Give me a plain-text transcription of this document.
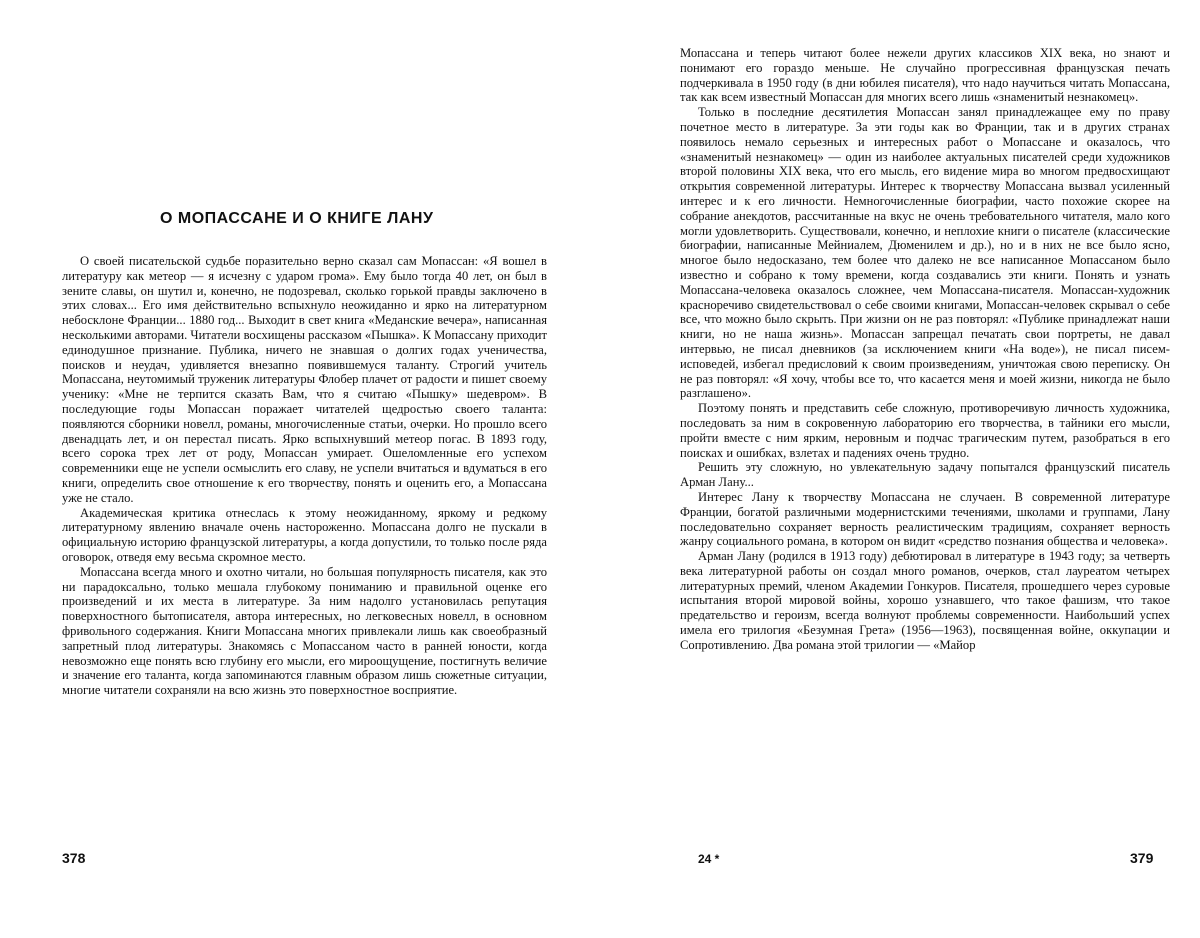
О МОПАССАНЕ И О КНИГЕ ЛАНУ

О своей писательской судьбе поразительно верно сказал сам Мопассан: «Я вошел в литературу как метеор — я исчезну с ударом грома». Ему было тогда 40 лет, он был в зените славы, он шутил и, конечно, не подозревал, сколько горькой правды заключено в этих словах... Его имя действительно вспыхнуло неожиданно и ярко на литературном небосклоне Франции... 1880 год... Выходит в свет книга «Меданские вечера», написанная несколькими авторами. Читатели восхищены рассказом «Пышка». К Мопассану приходит единодушное признание. Публика, ничего не знавшая о долгих годах ученичества, поисков и неудач, удивляется внезапно появившемуся таланту. Строгий учитель Мопассана, неутомимый труженик литературы Флобер плачет от радости и пишет своему ученику: «Мне не терпится сказать Вам, что я считаю «Пышку» шедевром». В последующие годы Мопассан поражает читателей щедростью своего таланта: появляются сборники новелл, романы, многочисленные статьи, очерки. Но прошло всего двенадцать лет, и он перестал писать. Ярко вспыхнувший метеор погас. В 1893 году, всего сорока трех лет от роду, Мопассан умирает. Ошеломленные его успехом современники еще не успели осмыслить его славу, не успели вчитаться и вдуматься в его книги, определить свое отношение к его творчеству, понять и оценить его, а Мопассана уже не стало.

Академическая критика отнеслась к этому неожиданному, яркому и редкому литературному явлению вначале очень настороженно. Мопассана долго не пускали в официальную историю французской литературы, а когда допустили, то только после ряда оговорок, отведя ему весьма скромное место.

Мопассана всегда много и охотно читали, но большая популярность писателя, как это ни парадоксально, только мешала глубокому пониманию и правильной оценке его произведений и их места в литературе. За ним надолго установилась репутация поверхностного бытописателя, автора интересных, но легковесных новелл, в основном фривольного содержания. Книги Мопассана многих привлекали лишь как своеобразный запретный плод литературы. Знакомясь с Мопассаном часто в ранней юности, когда невозможно еще понять всю глубину его мысли, его мироощущение, постигнуть величие и значение его таланта, когда запоминаются главным образом лишь сюжетные ситуации, многие читатели сохраняли на всю жизнь это поверхностное восприятие.

378

Мопассана и теперь читают более нежели других классиков XIX века, но знают и понимают его гораздо меньше. Не случайно прогрессивная французская печать подчеркивала в 1950 году (в дни юбилея писателя), что надо научиться читать Мопассана, так как всем известный Мопассан для многих всего лишь «знаменитый незнакомец».

Только в последние десятилетия Мопассан занял принадлежащее ему по праву почетное место в литературе. За эти годы как во Франции, так и в других странах появилось немало серьезных и интересных работ о Мопассане и оказалось, что «знаменитый незнакомец» — один из наиболее актуальных писателей среди художников второй половины XIX века, что его мысль, его видение мира во многом предвосхищают открытия современной литературы. Интерес к творчеству Мопассана вызвал усиленный интерес и к его личности. Немногочисленные биографии, часто похожие скорее на собрание анекдотов, рассчитанные на вкус не очень требовательного читателя, мало кого могли удовлетворить. Существовали, конечно, и неплохие книги о писателе (классические биографии, написанные Мейниалем, Дюменилем и др.), но и в них не все было ясно, многое было недосказано, тем более что далеко не все написанное Мопассаном было известно и собрано к тому времени, когда создавались эти книги. Понять и узнать Мопассана-человека оказалось сложнее, чем Мопассана-писателя. Мопассан-художник красноречиво свидетельствовал о себе своими книгами, Мопассан-человек скрывал о себе все, что можно было скрыть. При жизни он не раз повторял: «Публике принадлежат наши книги, но не наша жизнь». Мопассан запрещал печатать свои портреты, не давал интервью, не писал дневников (за исключением книги «На воде»), не писал писем-исповедей, избегал предисловий к своим произведениям, уничтожая свою переписку. Он не раз повторял: «Я хочу, чтобы все то, что касается меня и моей жизни, никогда не было разглашено».

Поэтому понять и представить себе сложную, противоречивую личность художника, последовать за ним в сокровенную лабораторию его творчества, в тайники его мысли, пройти вместе с ним ярким, неровным и подчас трагическим путем, разобраться в его поисках и ошибках, взлетах и падениях очень трудно.

Решить эту сложную, но увлекательную задачу попытался французский писатель Арман Лану...

Интерес Лану к творчеству Мопассана не случаен. В современной литературе Франции, богатой различными модернистскими течениями, школами и группами, Лану последовательно сохраняет верность реалистическим традициям, сохраняет верность жанру социального романа, в котором он видит «средство познания общества и человека».

Арман Лану (родился в 1913 году) дебютировал в литературе в 1943 году; за четверть века литературной работы он создал много романов, очерков, стал лауреатом четырех литературных премий, членом Академии Гонкуров. Писателя, прошедшего через суровые испытания второй мировой войны, хорошо узнавшего, что такое фашизм, что такое предательство и героизм, всегда волнуют проблемы современности. Наибольший успех имела его трилогия «Безумная Грета» (1956—1963), посвященная войне, оккупации и Сопротивлению. Два романа этой трилогии — «Майор

24 *	379
